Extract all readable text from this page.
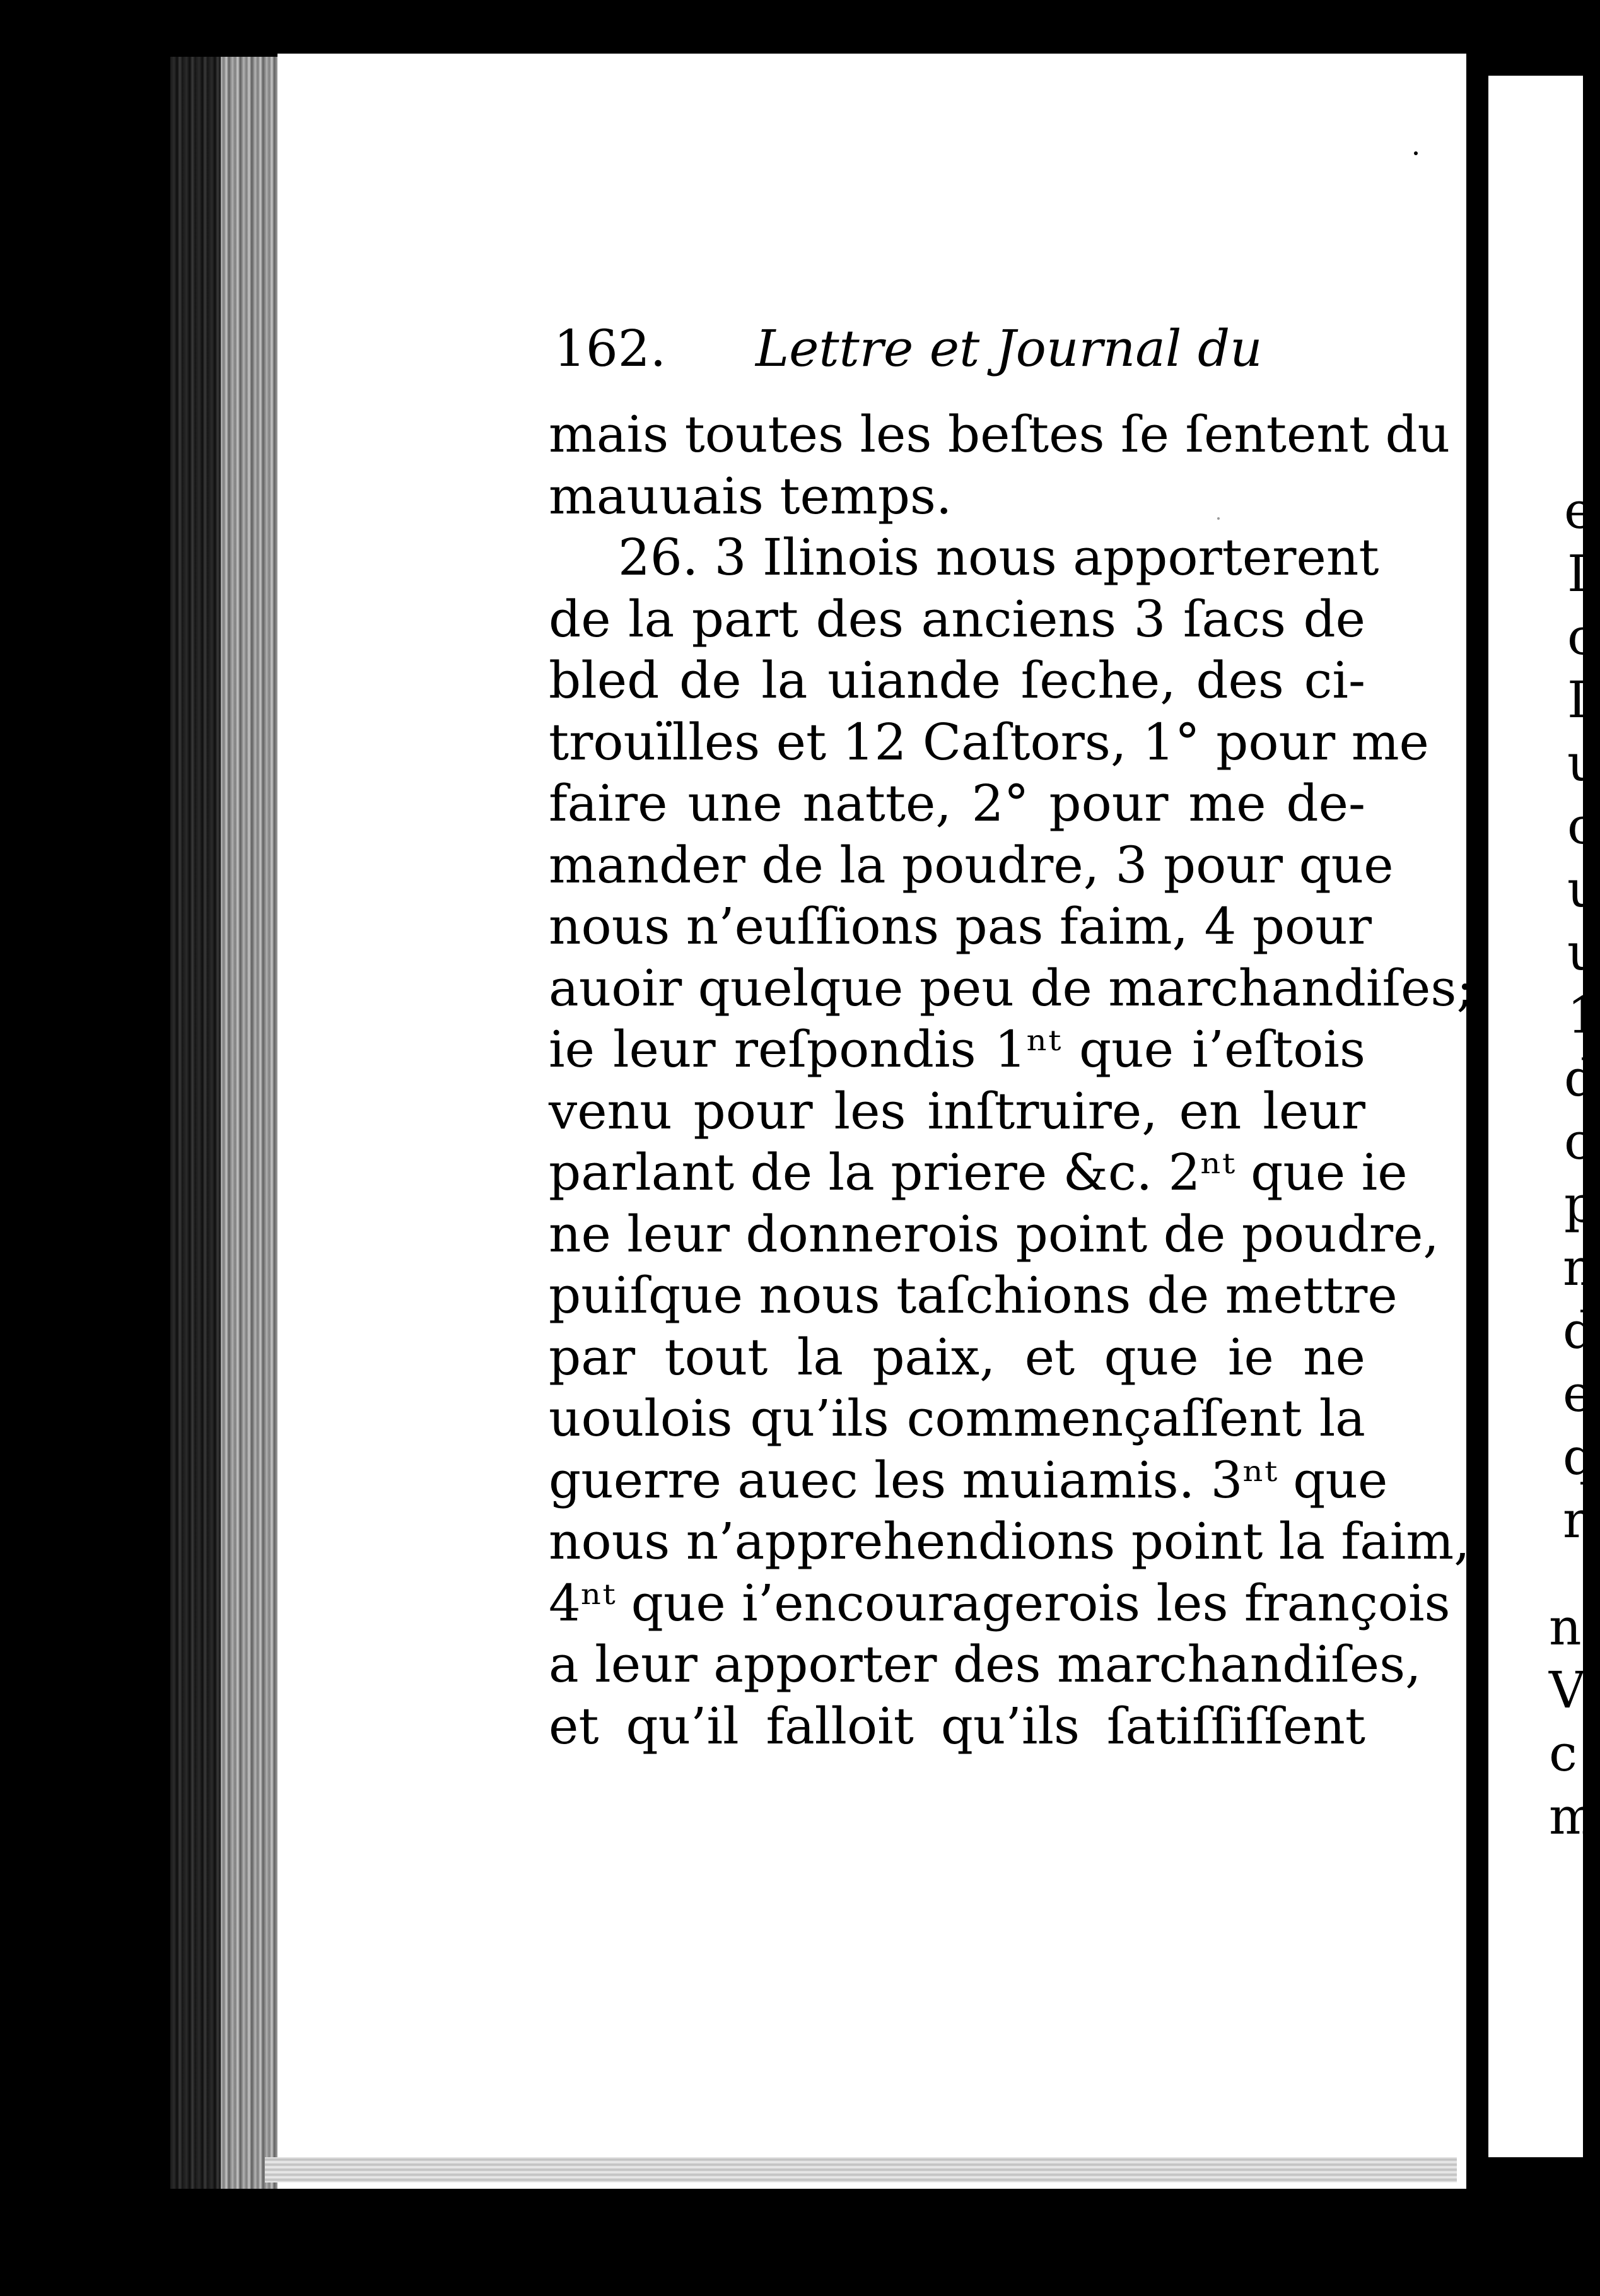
162. Lettre et Journal du
mais toutes les beſtes ſe ſentent du
mauuais temps.
26. 3 Ilinois nous apporterent
de la part des anciens 3 ſacs de
bled de la uiande ſeche, des ci-
trouïlles et 12 Caſtors, 1° pour me
faire une natte, 2° pour me de-
mander de la poudre, 3 pour que
nous n’euſſions pas faim, 4 pour
auoir quelque peu de marchandiſes;
ie leur reſpondis 1ⁿᵗ que i’eſtois
venu pour les inſtruire, en leur
parlant de la priere &c. 2ⁿᵗ que ie
ne leur donnerois point de poudre,
puiſque nous taſchions de mettre
par tout la paix, et que ie ne
uoulois qu’ils commençaſſent la
guerre auec les muiamis. 3ⁿᵗ que
nous n’apprehendions point la faim,
4ⁿᵗ que i’encouragerois les françois
a leur apporter des marchandiſes,
et qu’il falloit qu’ils ſatiſſiſſent
e
I
c
I
u
c
u
u
1
d
c
p
n
d
e
q
r
n
V
c
m
